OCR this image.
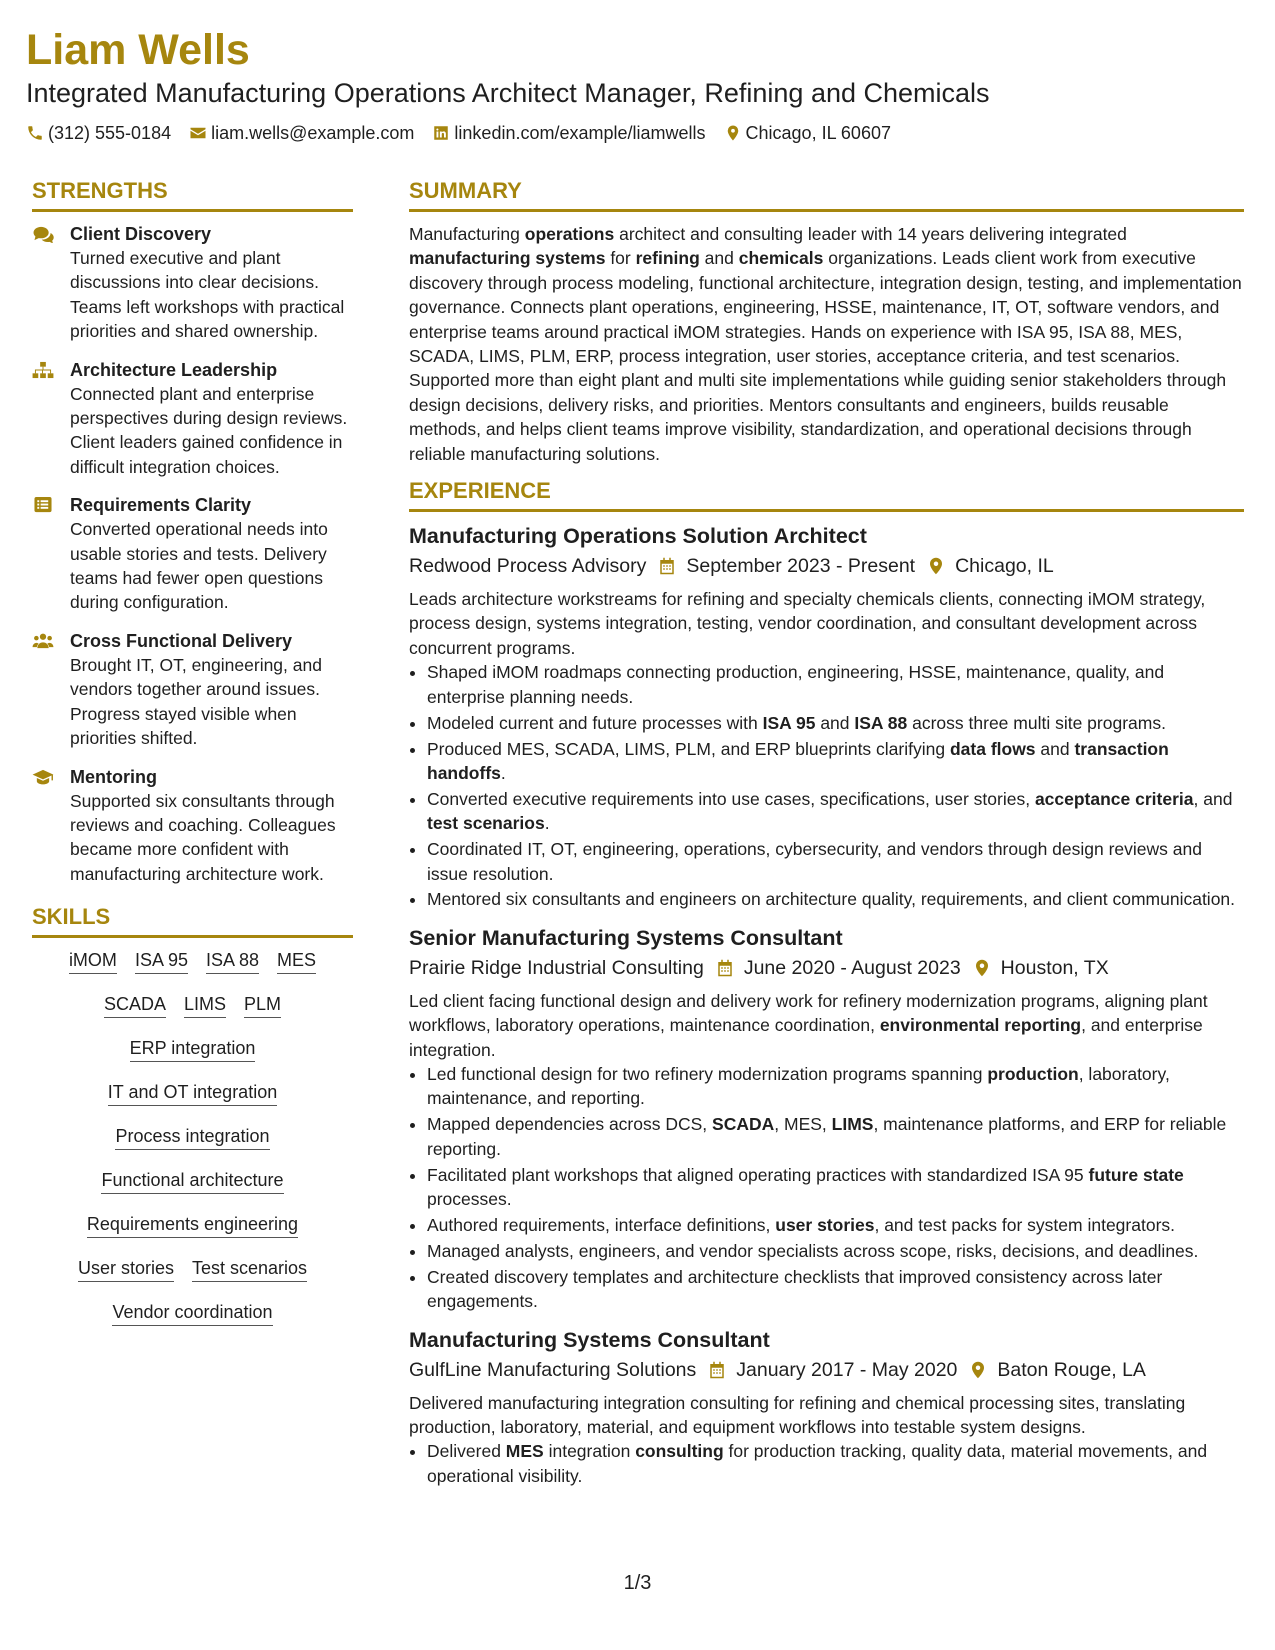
Liam Wells
Integrated Manufacturing Operations Architect Manager, Refining and Chemicals
(312) 555-0184 liam.wells@example.com linkedin.com/example/liamwells Chicago, IL 60607
STRENGTHS
Client Discovery
Turned executive and plant discussions into clear decisions. Teams left workshops with practical priorities and shared ownership.
Architecture Leadership
Connected plant and enterprise perspectives during design reviews. Client leaders gained confidence in difficult integration choices.
Requirements Clarity
Converted operational needs into usable stories and tests. Delivery teams had fewer open questions during configuration.
Cross Functional Delivery
Brought IT, OT, engineering, and vendors together around issues. Progress stayed visible when priorities shifted.
Mentoring
Supported six consultants through reviews and coaching. Colleagues became more confident with manufacturing architecture work.
SKILLS
iMOM ISA 95 ISA 88 MES
SCADA LIMS PLM
ERP integration
IT and OT integration
Process integration
Functional architecture
Requirements engineering
User stories Test scenarios
Vendor coordination
SUMMARY

Manufacturing operations architect and consulting leader with 14 years delivering integrated manufacturing systems for refining and chemicals organizations. Leads client work from executive discovery through process modeling, functional architecture, integration design, testing, and implementation governance. Connects plant operations, engineering, HSSE, maintenance, IT, OT, software vendors, and enterprise teams around practical iMOM strategies. Hands on experience with ISA 95, ISA 88, MES, SCADA, LIMS, PLM, ERP, process integration, user stories, acceptance criteria, and test scenarios. Supported more than eight plant and multi site implementations while guiding senior stakeholders through design decisions, delivery risks, and priorities. Mentors consultants and engineers, builds reusable methods, and helps client teams improve visibility, standardization, and operational decisions through reliable manufacturing solutions.

EXPERIENCE
Manufacturing Operations Solution Architect
Redwood Process Advisory September 2023 - Present Chicago, IL
Leads architecture workstreams for refining and specialty chemicals clients, connecting iMOM strategy, process design, systems integration, testing, vendor coordination, and consultant development across concurrent programs.
• Shaped iMOM roadmaps connecting production, engineering, HSSE, maintenance, quality, and enterprise planning needs.
• Modeled current and future processes with ISA 95 and ISA 88 across three multi site programs.
• Produced MES, SCADA, LIMS, PLM, and ERP blueprints clarifying data flows and transaction handoffs.
• Converted executive requirements into use cases, specifications, user stories, acceptance criteria, and test scenarios.
• Coordinated IT, OT, engineering, operations, cybersecurity, and vendors through design reviews and issue resolution.
• Mentored six consultants and engineers on architecture quality, requirements, and client communication.
Senior Manufacturing Systems Consultant
Prairie Ridge Industrial Consulting June 2020 - August 2023 Houston, TX
Led client facing functional design and delivery work for refinery modernization programs, aligning plant workflows, laboratory operations, maintenance coordination, environmental reporting, and enterprise integration.
• Led functional design for two refinery modernization programs spanning production, laboratory, maintenance, and reporting.
• Mapped dependencies across DCS, SCADA, MES, LIMS, maintenance platforms, and ERP for reliable reporting.
• Facilitated plant workshops that aligned operating practices with standardized ISA 95 future state processes.
• Authored requirements, interface definitions, user stories, and test packs for system integrators.
• Managed analysts, engineers, and vendor specialists across scope, risks, decisions, and deadlines.
• Created discovery templates and architecture checklists that improved consistency across later engagements.
Manufacturing Systems Consultant
GulfLine Manufacturing Solutions January 2017 - May 2020 Baton Rouge, LA
Delivered manufacturing integration consulting for refining and chemical processing sites, translating production, laboratory, material, and equipment workflows into testable system designs.
• Delivered MES integration consulting for production tracking, quality data, material movements, and operational visibility.
1/3
